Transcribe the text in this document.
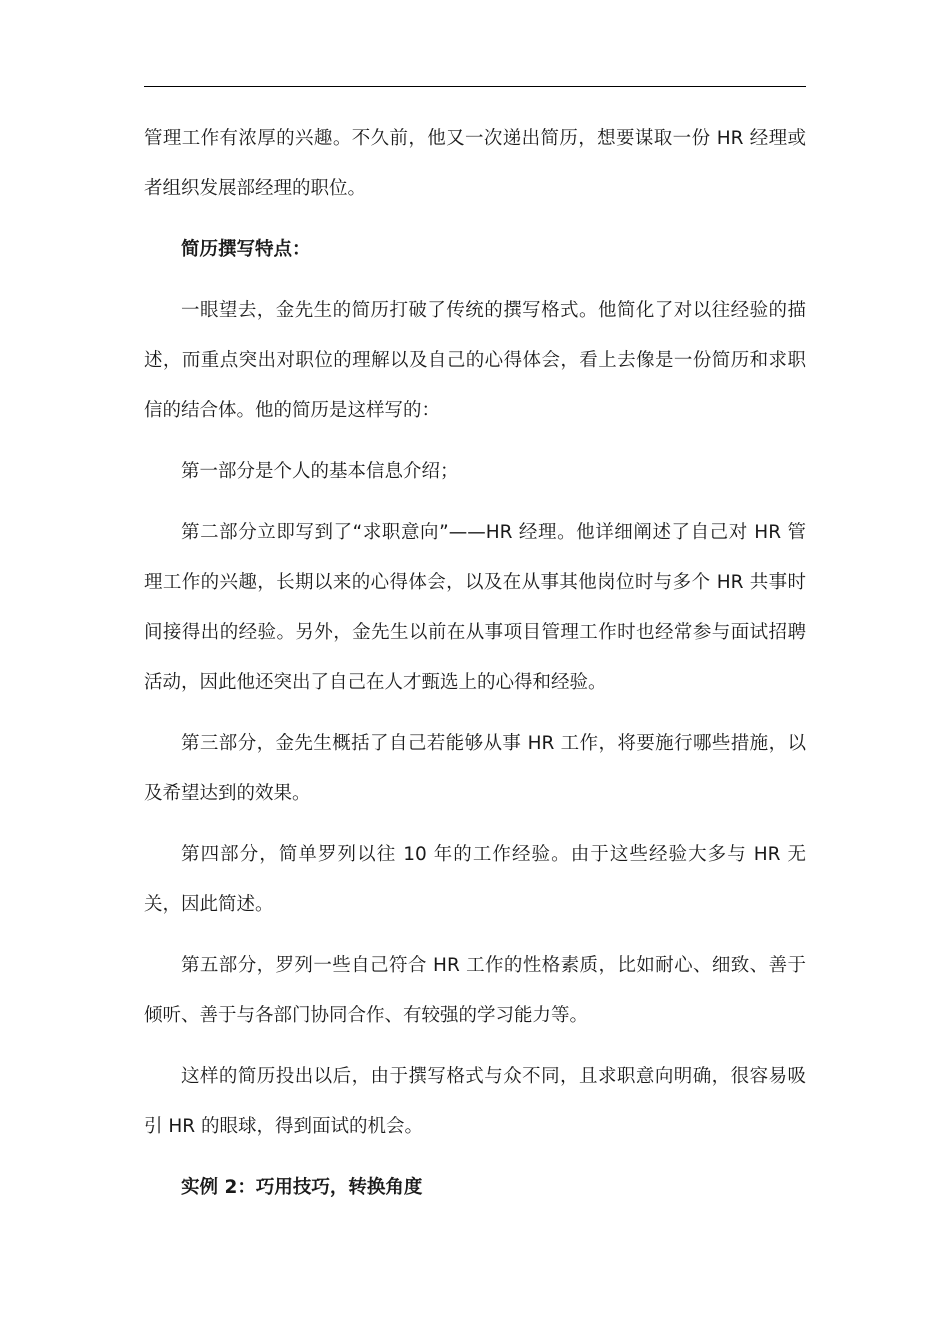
管理工作有浓厚的兴趣。不久前，他又一次递出简历，想要谋取一份 HR 经理或者组织发展部经理的职位。

简历撰写特点：

一眼望去，金先生的简历打破了传统的撰写格式。他简化了对以往经验的描述，而重点突出对职位的理解以及自己的心得体会，看上去像是一份简历和求职信的结合体。他的简历是这样写的：

第一部分是个人的基本信息介绍；

第二部分立即写到了“求职意向”——HR 经理。他详细阐述了自己对 HR 管理工作的兴趣，长期以来的心得体会，以及在从事其他岗位时与多个 HR 共事时间接得出的经验。另外，金先生以前在从事项目管理工作时也经常参与面试招聘活动，因此他还突出了自己在人才甄选上的心得和经验。

第三部分，金先生概括了自己若能够从事 HR 工作，将要施行哪些措施，以及希望达到的效果。

第四部分，简单罗列以往 10 年的工作经验。由于这些经验大多与 HR 无关，因此简述。

第五部分，罗列一些自己符合 HR 工作的性格素质，比如耐心、细致、善于倾听、善于与各部门协同合作、有较强的学习能力等。

这样的简历投出以后，由于撰写格式与众不同，且求职意向明确，很容易吸引 HR 的眼球，得到面试的机会。

实例 2：巧用技巧，转换角度
